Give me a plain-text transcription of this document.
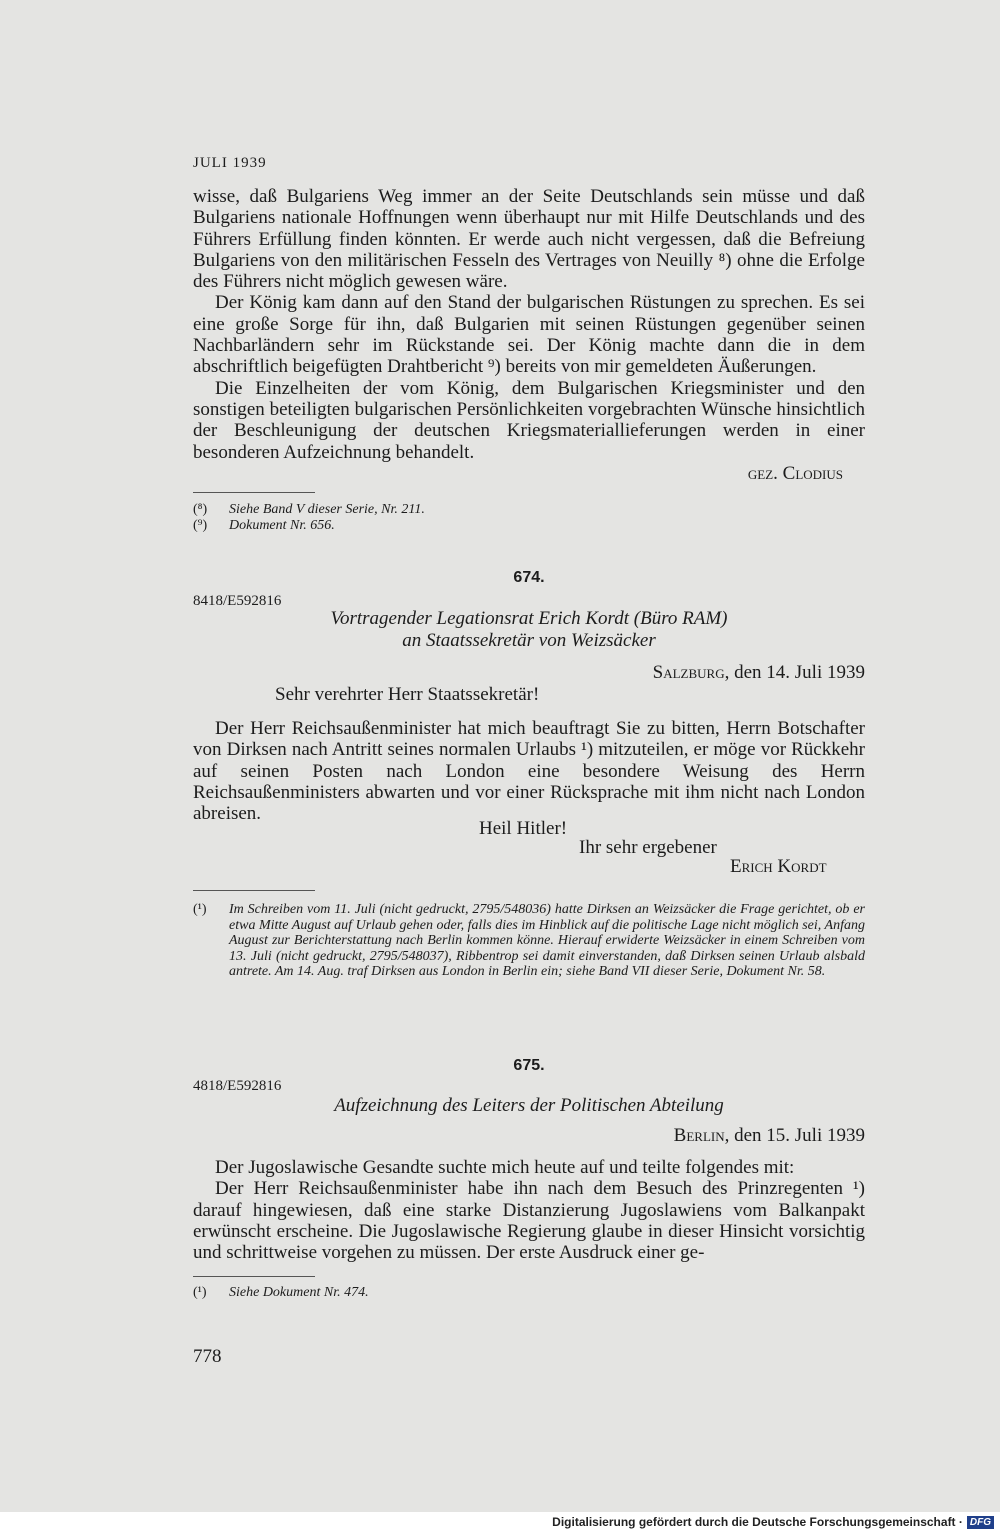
JULI 1939

wisse, daß Bulgariens Weg immer an der Seite Deutschlands sein müsse und daß Bulgariens nationale Hoffnungen wenn überhaupt nur mit Hilfe Deutschlands und des Führers Erfüllung finden könnten. Er werde auch nicht vergessen, daß die Befreiung Bulgariens von den militärischen Fesseln des Vertrages von Neuilly ⁸) ohne die Erfolge des Führers nicht möglich gewesen wäre.

Der König kam dann auf den Stand der bulgarischen Rüstungen zu sprechen. Es sei eine große Sorge für ihn, daß Bulgarien mit seinen Rüstungen gegenüber seinen Nachbarländern sehr im Rückstande sei. Der König machte dann die in dem abschriftlich beigefügten Drahtbericht ⁹) bereits von mir gemeldeten Äußerungen.

Die Einzelheiten der vom König, dem Bulgarischen Kriegsminister und den sonstigen beteiligten bulgarischen Persönlichkeiten vorgebrachten Wünsche hinsichtlich der Beschleunigung der deutschen Kriegsmateriallieferungen werden in einer besonderen Aufzeichnung behandelt.

gez. Clodius
(⁸)	Siehe Band V dieser Serie, Nr. 211.
(⁹)	Dokument Nr. 656.
674.
8418/E592816
Vortragender Legationsrat Erich Kordt (Büro RAM)
an Staatssekretär von Weizsäcker
Salzburg, den 14. Juli 1939
Sehr verehrter Herr Staatssekretär!

Der Herr Reichsaußenminister hat mich beauftragt Sie zu bitten, Herrn Botschafter von Dirksen nach Antritt seines normalen Urlaubs ¹) mitzuteilen, er möge vor Rückkehr auf seinen Posten nach London eine besondere Weisung des Herrn Reichsaußenministers abwarten und vor einer Rücksprache mit ihm nicht nach London abreisen.

Heil Hitler!
Ihr sehr ergebener
Erich Kordt
(¹)	Im Schreiben vom 11. Juli (nicht gedruckt, 2795/548036) hatte Dirksen an Weizsäcker die Frage gerichtet, ob er etwa Mitte August auf Urlaub gehen oder, falls dies im Hinblick auf die politische Lage nicht möglich sei, Anfang August zur Berichterstattung nach Berlin kommen könne. Hierauf erwiderte Weizsäcker in einem Schreiben vom 13. Juli (nicht gedruckt, 2795/548037), Ribbentrop sei damit einverstanden, daß Dirksen seinen Urlaub alsbald antrete. Am 14. Aug. traf Dirksen aus London in Berlin ein; siehe Band VII dieser Serie, Dokument Nr. 58.
675.
4818/E592816
Aufzeichnung des Leiters der Politischen Abteilung
Berlin, den 15. Juli 1939

Der Jugoslawische Gesandte suchte mich heute auf und teilte folgendes mit:

Der Herr Reichsaußenminister habe ihn nach dem Besuch des Prinzregenten ¹) darauf hingewiesen, daß eine starke Distanzierung Jugoslawiens vom Balkanpakt erwünscht erscheine. Die Jugoslawische Regierung glaube in dieser Hinsicht vorsichtig und schrittweise vorgehen zu müssen. Der erste Ausdruck einer ge-

(¹)	Siehe Dokument Nr. 474.
778
Digitalisierung gefördert durch die Deutsche Forschungsgemeinschaft · DFG
